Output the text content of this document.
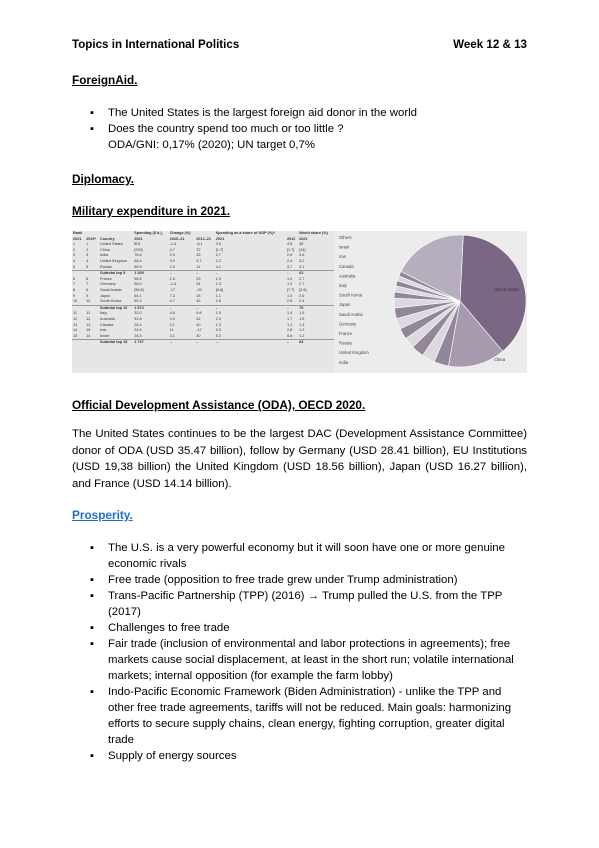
Topics in International Politics	Week 12 & 13
ForeignAid.
▪ The United States is the largest foreign aid donor in the world
▪ Does the country spend too much or too little ?
ODA/GNI: 0,17% (2020); UN target 0,7%
Diplomacy.
Military expenditure in 2021.
Rank			Spending ($ b.),	Change (%)		Spending as a share of GDP (%)*		World share (%)
2021	2020*	Country	2021	2020–21	2012–21	2021	2012	2021
1	1	United States	801	-1.4	-6.1	3.5	4.5	38
2	2	China	[293]	4.7	72	[1.7]	[1.7]	[14]
3	3	India	76.6	0.9	33	2.7	2.6	3.6
4	4	United Kingdom	68.4	3.0	3.7	2.2	2.4	3.2
5	5	Russia	65.9	2.9	11	4.1	3.7	3.1
		Subtotal top 5	1 305	..	..	..	..	62
6	8	France	56.6	1.5	23	1.9	1.9	2.7
7	7	Germany	56.0	-1.4	24	1.3	1.2	2.7
8	6	Saudi Arabia	[55.6]	-17	-20	[6.6]	[7.7]	[2.6]
9	9	Japan	54.1	7.3	18	1.1	1.0	2.6
10	10	South Korea	50.2	4.7	42	2.8	2.5	2.4
		Subtotal top 10	1 574	..	..	..	..	75
11	11	Italy	32.0	4.6	9.8	1.5	1.4	1.5
12	12	Australia	31.8	4.0	42	2.0	1.7	1.5
13	13	Canada	26.4	3.1	40	1.3	1.1	1.3
14	16	Iran	24.6	11	-17	2.3	2.8	1.2
15	14	Israel	24.3	3.1	30	5.2	5.6	1.2
		Subtotal top 15	1 737	..	..	..	..	83
Others
Israel
Iran
Canada
Australia
Italy
South Korea
Japan
Saudi Arabia
Germany
France
Russia
United Kingdom
India
United States
China
Official Development Assistance (ODA), OECD 2020.
The United States continues to be the largest DAC (Development Assistance Committee) donor of ODA (USD 35.47 billion), follow by Germany (USD 28.41 billion), EU Institutions (USD 19,38 billion) the United Kingdom (USD 18.56 billion), Japan (USD 16.27 billion), and France (USD 14.14 billion).
Prosperity.
▪ The U.S. is a very powerful economy but it will soon have one or more genuine economic rivals
▪ Free trade (opposition to free trade grew under Trump administration)
▪ Trans-Pacific Partnership (TPP) (2016) → Trump pulled the U.S. from the TPP (2017)
▪ Challenges to free trade
▪ Fair trade (inclusion of environmental and labor protections in agreements); free markets cause social displacement, at least in the short run; volatile international markets; internal opposition (for example the farm lobby)
▪ Indo-Pacific Economic Framework (Biden Administration) - unlike the TPP and other free trade agreements, tariffs will not be reduced. Main goals: harmonizing efforts to secure supply chains, clean energy, fighting corruption, greater digital trade
▪ Supply of energy sources
